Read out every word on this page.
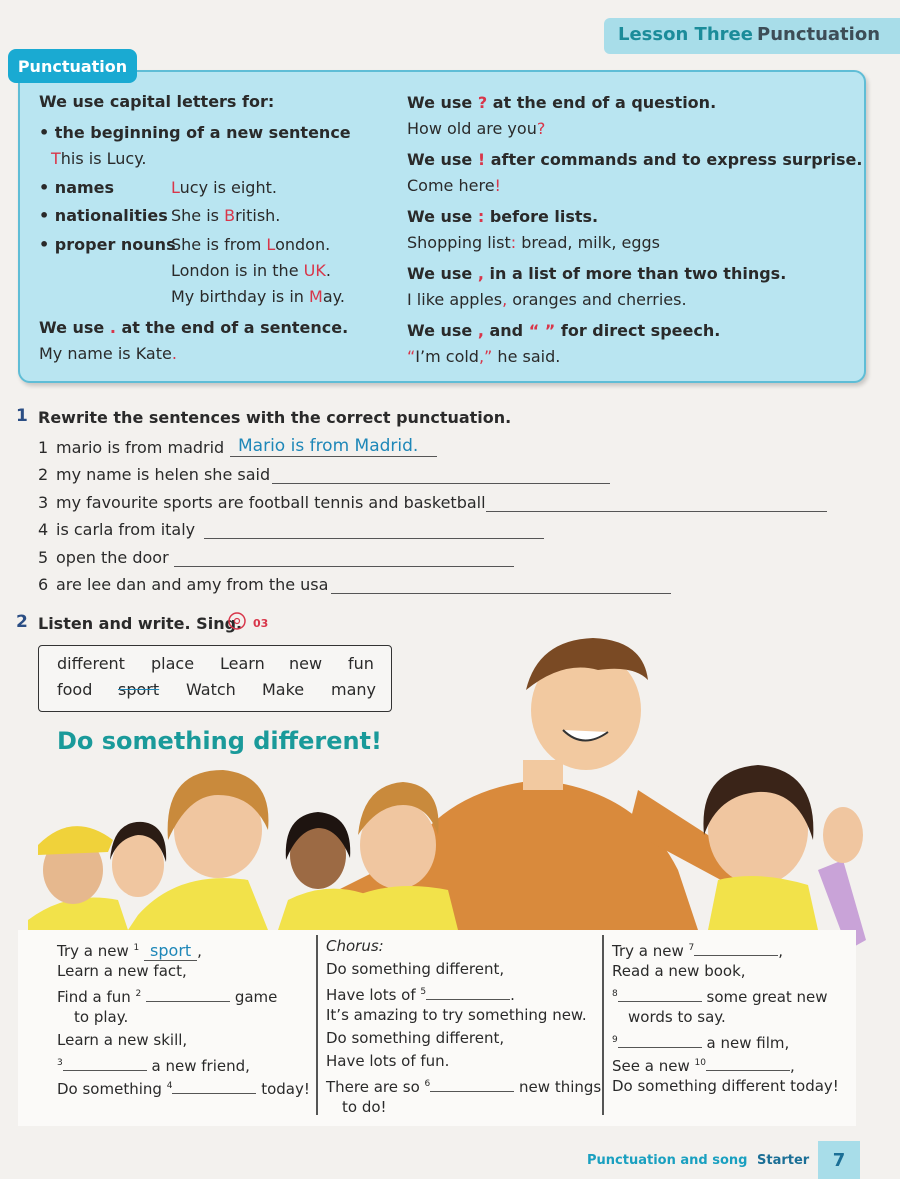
Lesson Three Punctuation
Punctuation
We use capital letters for:
• the beginning of a new sentence
This is Lucy.
• names	Lucy is eight.
• nationalities She is British.
• proper nouns
She is from London.
London is in the UK.
My birthday is in May.
We use . at the end of a sentence.
My name is Kate.
We use ? at the end of a question.
How old are you?
We use ! after commands and to express surprise.
Come here!
We use : before lists.
Shopping list: bread, milk, eggs
We use , in a list of more than two things.
I like apples, oranges and cherries.
We use , and “ ” for direct speech.
“I’m cold,” he said.
1 Rewrite the sentences with the correct punctuation.
1 mario is from madrid Mario is from Madrid.
2 my name is helen she said
3 my favourite sports are football tennis and basketball
4 is carla from italy
5 open the door
6 are lee dan and amy from the usa
2 Listen and write. Sing. 03
different place Learn new fun
food sport Watch Make many
Do something different!
Try a new $^1$ sport ,
Learn a new fact,
Find a fun $^2$	game
to play.
Learn a new skill,
$^3$	a new friend,
Do something $^4$	today!
Chorus:
Do something different,
Have lots of $^5$	.
It’s amazing to try something new.
Do something different,
Have lots of fun.
There are so $^6$	new things
to do!
Try a new $^7$	,
Read a new book,
$^8$	some great new
words to say.
$^9$	a new film,
See a new $^{10}$	,
Do something different today!
Punctuation and song Starter	7
